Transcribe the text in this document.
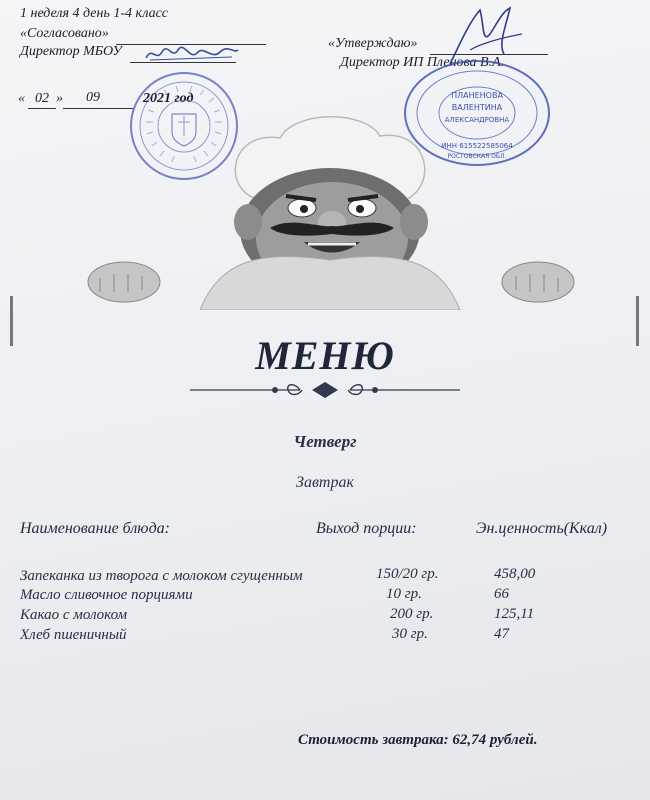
1 неделя 4 день 1-4 класс
«Согласовано»
Директор МБОУ
« 02 » 09	2021 год
«Утверждаю»
Директор ИП Пленова В.А.
ПЛАНЕНОВА
ВАЛЕНТИНА
АЛЕКСАНДРОВНА
ИНН 615522585064
РОСТОВСКАЯ ОБЛ.
МЕНЮ
Четверг
Завтрак
Наименование блюда:	Выход порции:	Эн.ценность(Ккал)
Запеканка из творога с молоком сгущенным	150/20 гр.	458,00
Масло сливочное порциями	10 гр.	66
Какао с молоком	200 гр.	125,11
Хлеб пшеничный	30 гр.	47
Стоимость завтрака: 62,74 рублей.
